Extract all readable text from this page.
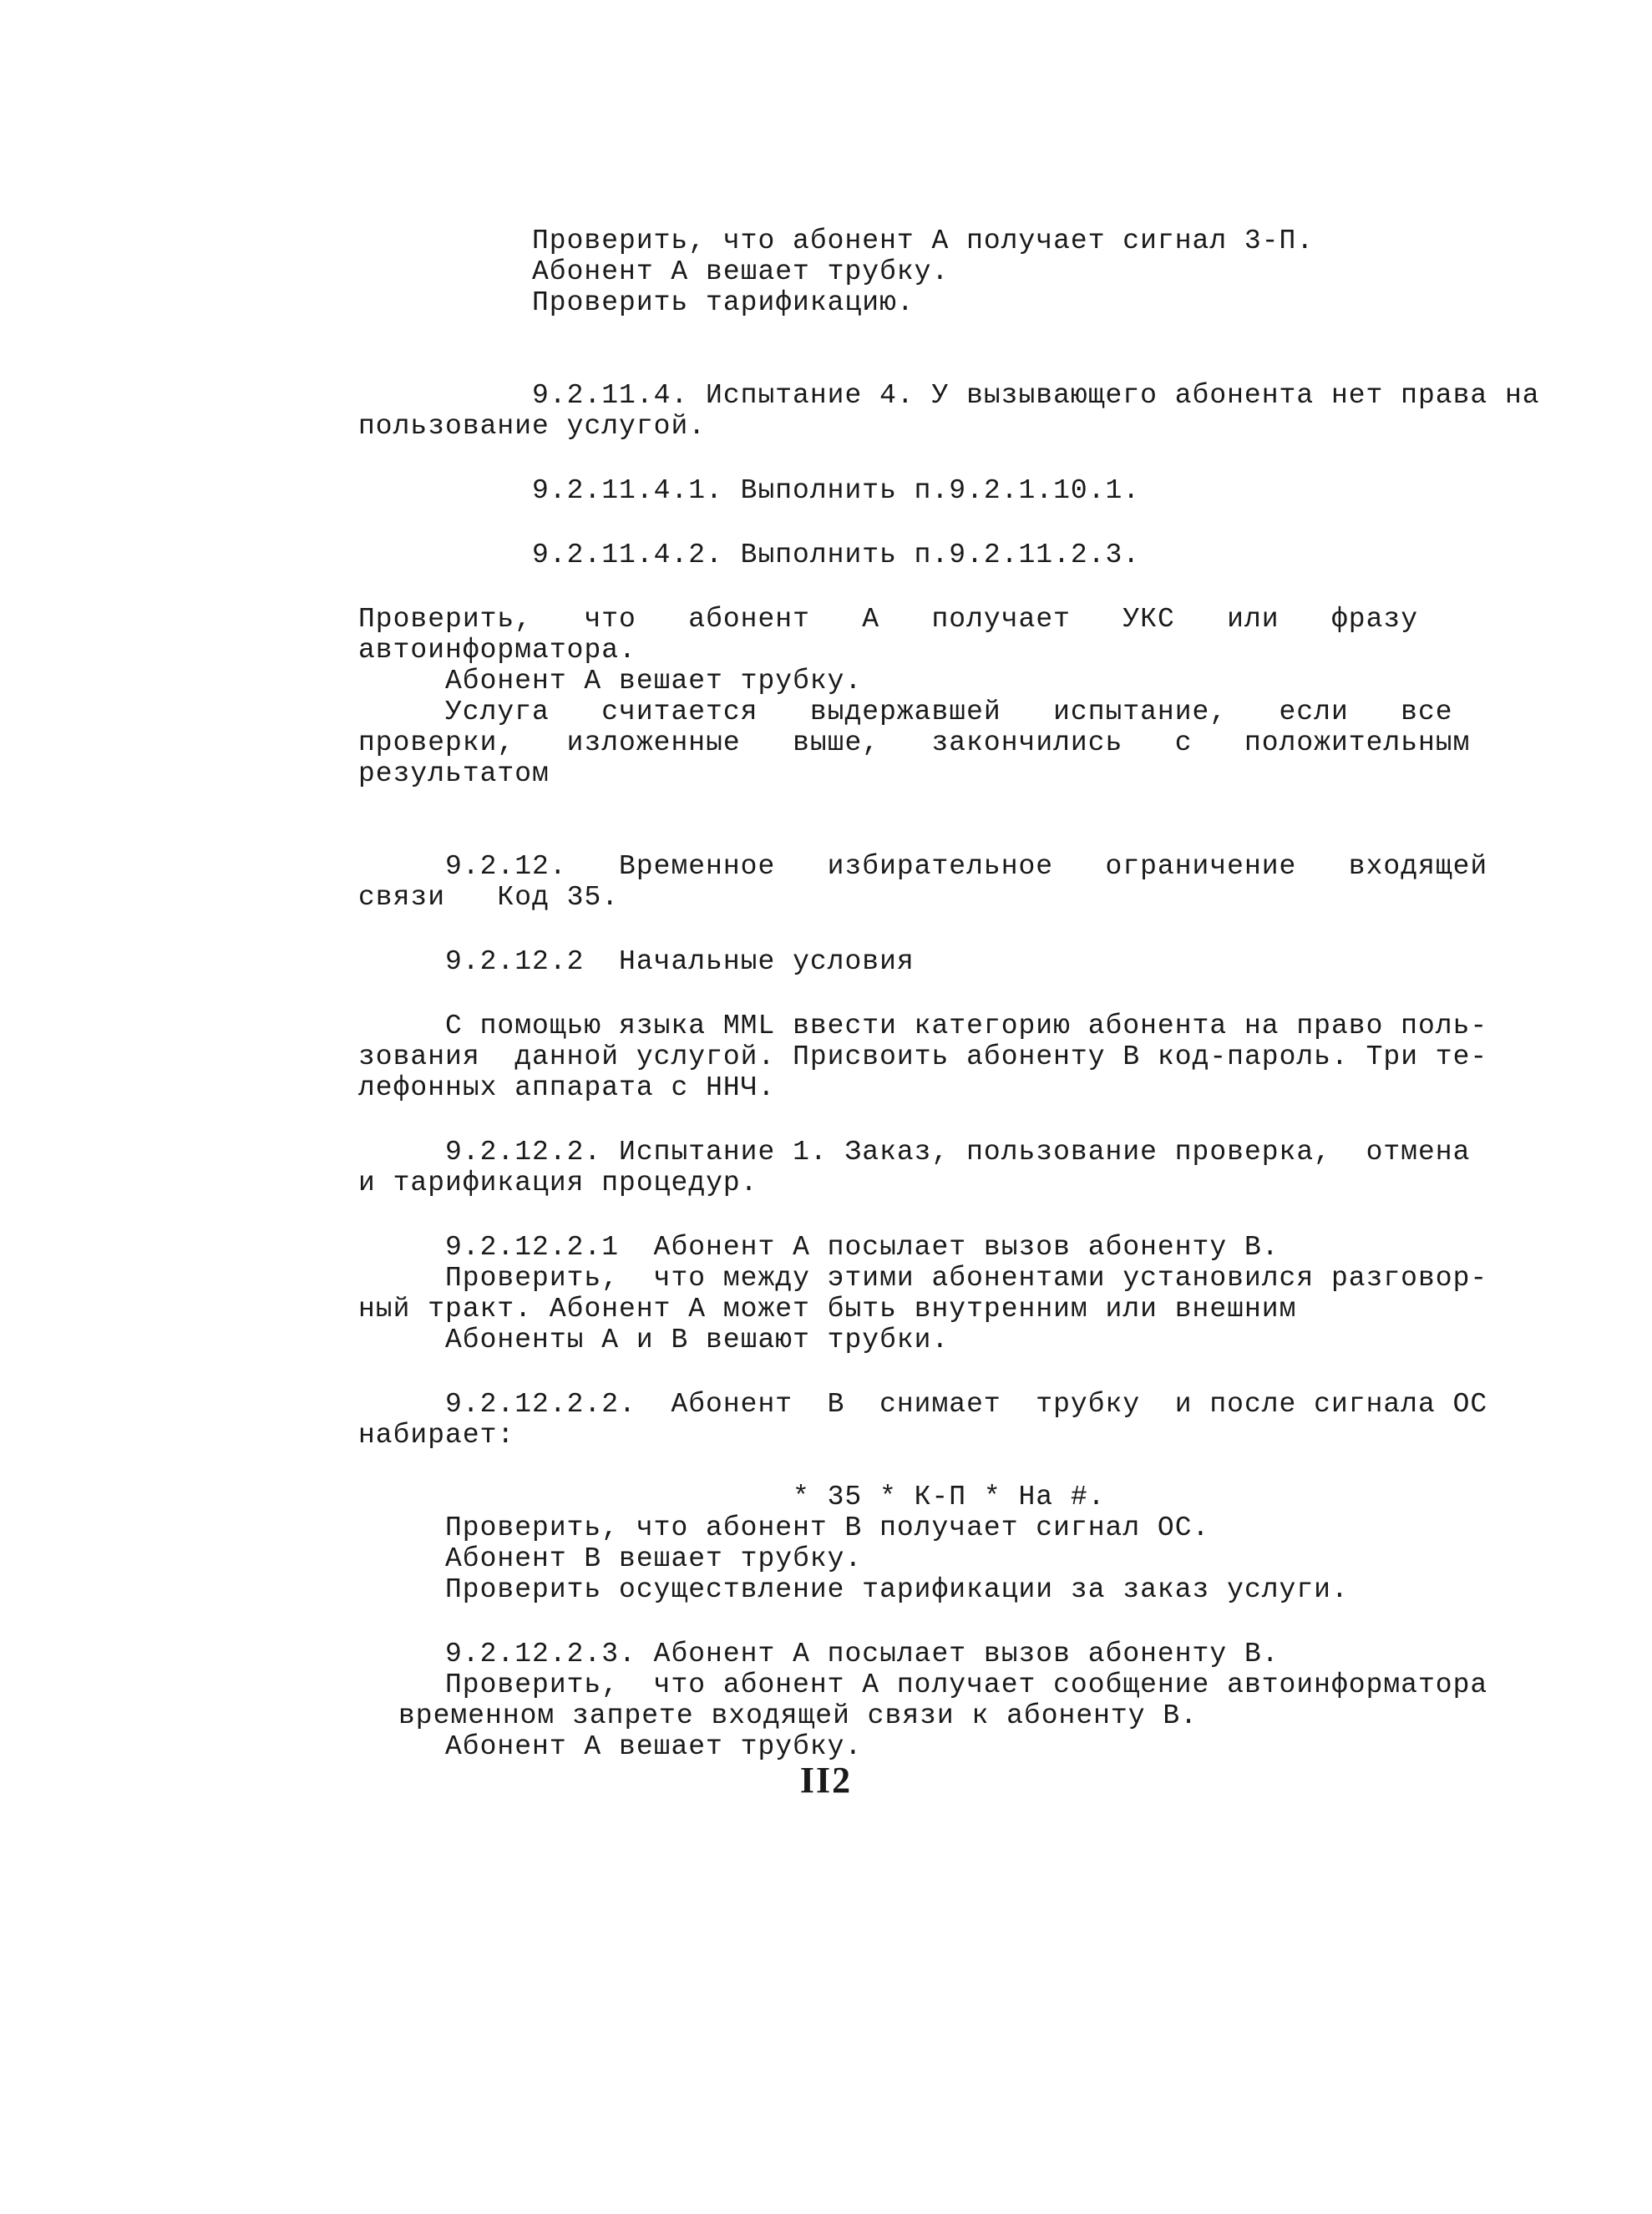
Проверить, что абонент А получает сигнал 3-П.
Абонент А вешает трубку.
Проверить тарификацию.
9.2.11.4. Испытание 4. У вызывающего абонента нет права на
пользование услугой.
9.2.11.4.1. Выполнить п.9.2.1.10.1.
9.2.11.4.2. Выполнить п.9.2.11.2.3.
Проверить,   что   абонент   А   получает   УКС   или   фразу
автоинформатора.
Абонент А вешает трубку.
Услуга   считается   выдержавшей   испытание,   если   все
проверки,   изложенные   выше,   закончились   с   положительным
результатом
9.2.12.   Временное   избирательное   ограничение   входящей
связи   Код 35.
9.2.12.2  Начальные условия
С помощью языка MML ввести категорию абонента на право поль-
зования  данной услугой. Присвоить абоненту В код-пароль. Три те-
лефонных аппарата с ННЧ.
9.2.12.2. Испытание 1. Заказ, пользование проверка,  отмена
и тарификация процедур.
9.2.12.2.1  Абонент А посылает вызов абоненту В.
Проверить,  что между этими абонентами установился разговор-
ный тракт. Абонент А может быть внутренним или внешним
Абоненты А и В вешают трубки.
9.2.12.2.2.  Абонент  В  снимает  трубку  и после сигнала ОС
набирает:
* 35 * К-П * На #.
Проверить, что абонент В получает сигнал ОС.
Абонент В вешает трубку.
Проверить осуществление тарификации за заказ услуги.
9.2.12.2.3. Абонент А посылает вызов абоненту В.
Проверить,  что абонент А получает сообщение автоинформатора
временном запрете входящей связи к абоненту В.
Абонент А вешает трубку.
II2
